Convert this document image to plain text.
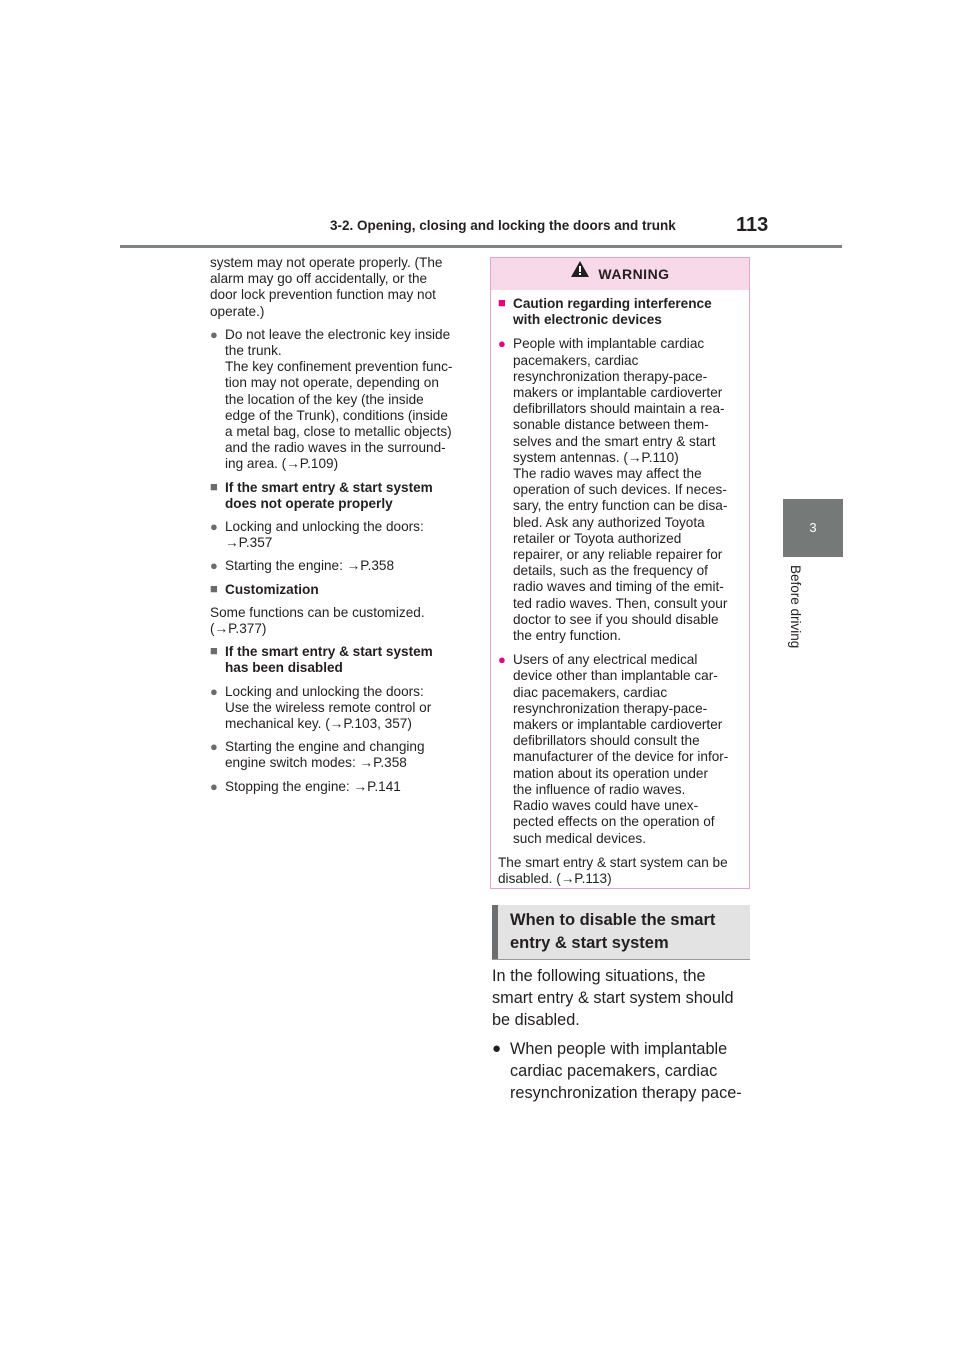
3-2. Opening, closing and locking the doors and trunk	113
3
Before driving

system may not operate properly. (The
alarm may go off accidentally, or the
door lock prevention function may not
operate.)

● Do not leave the electronic key inside
the trunk.
The key confinement prevention func-
tion may not operate, depending on
the location of the key (the inside
edge of the Trunk), conditions (inside
a metal bag, close to metallic objects)
and the radio waves in the surround-
ing area. (→P.109)
■ If the smart entry & start system
does not operate properly
● Locking and unlocking the doors:
→P.357
● Starting the engine: →P.358
■ Customization

Some functions can be customized.
(→P.377)

■ If the smart entry & start system
has been disabled
● Locking and unlocking the doors:
Use the wireless remote control or
mechanical key. (→P.103, 357)
● Starting the engine and changing
engine switch modes: →P.358
● Stopping the engine: →P.141
WARNING
■ Caution regarding interference
with electronic devices
● People with implantable cardiac
pacemakers, cardiac
resynchronization therapy-pace-
makers or implantable cardioverter
defibrillators should maintain a rea-
sonable distance between them-
selves and the smart entry & start
system antennas. (→P.110)
The radio waves may affect the
operation of such devices. If neces-
sary, the entry function can be disa-
bled. Ask any authorized Toyota
retailer or Toyota authorized
repairer, or any reliable repairer for
details, such as the frequency of
radio waves and timing of the emit-
ted radio waves. Then, consult your
doctor to see if you should disable
the entry function.
● Users of any electrical medical
device other than implantable car-
diac pacemakers, cardiac
resynchronization therapy-pace-
makers or implantable cardioverter
defibrillators should consult the
manufacturer of the device for infor-
mation about its operation under
the influence of radio waves.
Radio waves could have unex-
pected effects on the operation of
such medical devices.

The smart entry & start system can be
disabled. (→P.113)

When to disable the smart
entry & start system

In the following situations, the
smart entry & start system should
be disabled.

● When people with implantable
cardiac pacemakers, cardiac
resynchronization therapy pace-
